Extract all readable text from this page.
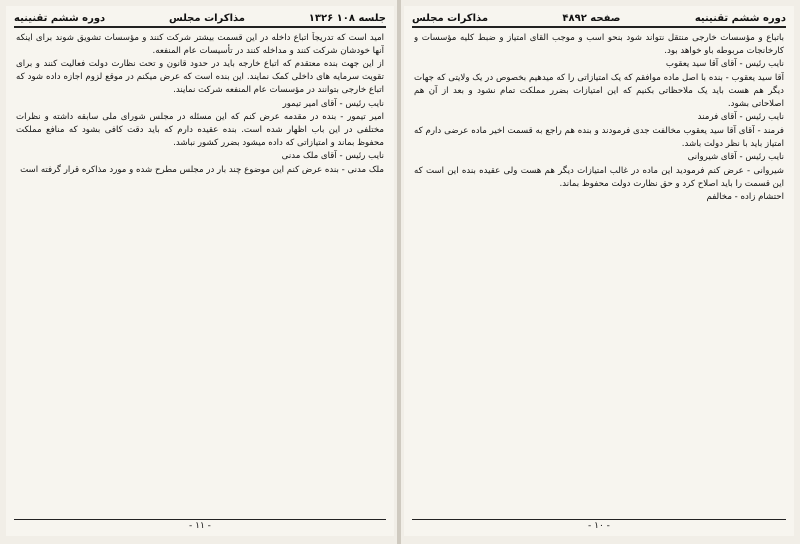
جلسه ۱۰۸ ۱۳۲۶
مذاكرات مجلس
دوره ششم تقنينيه

امید است که تدریجاً اتباع داخله در این قسمت بیشتر شرکت کنند و مؤسسات تشویق شوند برای اینکه آنها خودشان شرکت کنند و مداخله کنند در تأسیسات عام المنفعه.

از این جهت بنده معتقدم که اتباع خارجه باید در حدود قانون و تحت نظارت دولت فعالیت کنند و برای تقویت سرمایه های داخلی کمک نمایند. این بنده است که عرض میکنم در موقع لزوم اجازه داده شود که اتباع خارجی بتوانند در مؤسسات عام المنفعه شرکت نمایند.

نایب رئیس - آقای امیر تیمور

امیر تیمور - بنده در مقدمه عرض کنم که این مسئله در مجلس شورای ملی سابقه داشته و نظرات مختلفی در این باب اظهار شده است. بنده عقیده دارم که باید دقت کافی بشود که منافع مملکت محفوظ بماند و امتیازاتی که داده میشود بضرر کشور نباشد.

نایب رئیس - آقای ملک مدنی

ملک مدنی - بنده عرض کنم این موضوع چند بار در مجلس مطرح شده و مورد مذاکره قرار گرفته است

- ۱۱ -
دوره ششم تقنينيه
صفحه ۴۸۹۲
مذاكرات مجلس

باتباع و مؤسسات خارجی منتقل نتواند شود بنحو اسب و موجب القای امتیاز و ضبط کلیه مؤسسات و کارخانجات مربوطه باو خواهد بود.

نایب رئیس - آقای آقا سید یعقوب

آقا سید یعقوب - بنده با اصل ماده موافقم که یک امتیازاتی را که میدهیم بخصوص در یک ولایتی که جهات دیگر هم هست باید یک ملاحظاتی بکنیم که این امتیازات بضرر مملکت تمام نشود و بعد از آن هم اصلاحاتی بشود.

نایب رئیس - آقای فرمند

فرمند - آقای آقا سید یعقوب مخالفت جدی فرمودند و بنده هم راجع به قسمت اخیر ماده عرضی دارم که امتیاز باید با نظر دولت باشد.

نایب رئیس - آقای شیروانی

شیروانی - عرض کنم فرمودید این ماده در غالب امتیازات دیگر هم هست ولی عقیده بنده این است که این قسمت را باید اصلاح کرد و حق نظارت دولت محفوظ بماند.

احتشام زاده - مخالفم

- ۱۰ -
